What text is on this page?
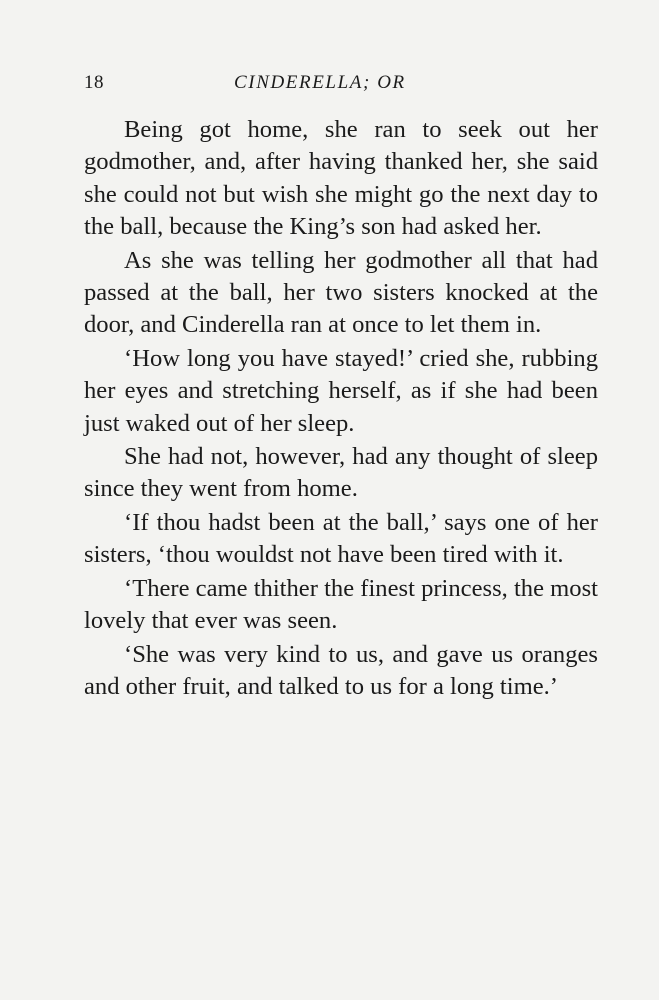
18	CINDERELLA; OR

Being got home, she ran to seek out her godmother, and, after having thanked her, she said she could not but wish she might go the next day to the ball, because the King’s son had asked her.

As she was telling her godmother all that had passed at the ball, her two sisters knocked at the door, and Cinderella ran at once to let them in.

‘How long you have stayed!’ cried she, rubbing her eyes and stretching herself, as if she had been just waked out of her sleep.

She had not, however, had any thought of sleep since they went from home.

‘If thou hadst been at the ball,’ says one of her sisters, ‘thou wouldst not have been tired with it.

‘There came thither the finest princess, the most lovely that ever was seen.

‘She was very kind to us, and gave us oranges and other fruit, and talked to us for a long time.’
